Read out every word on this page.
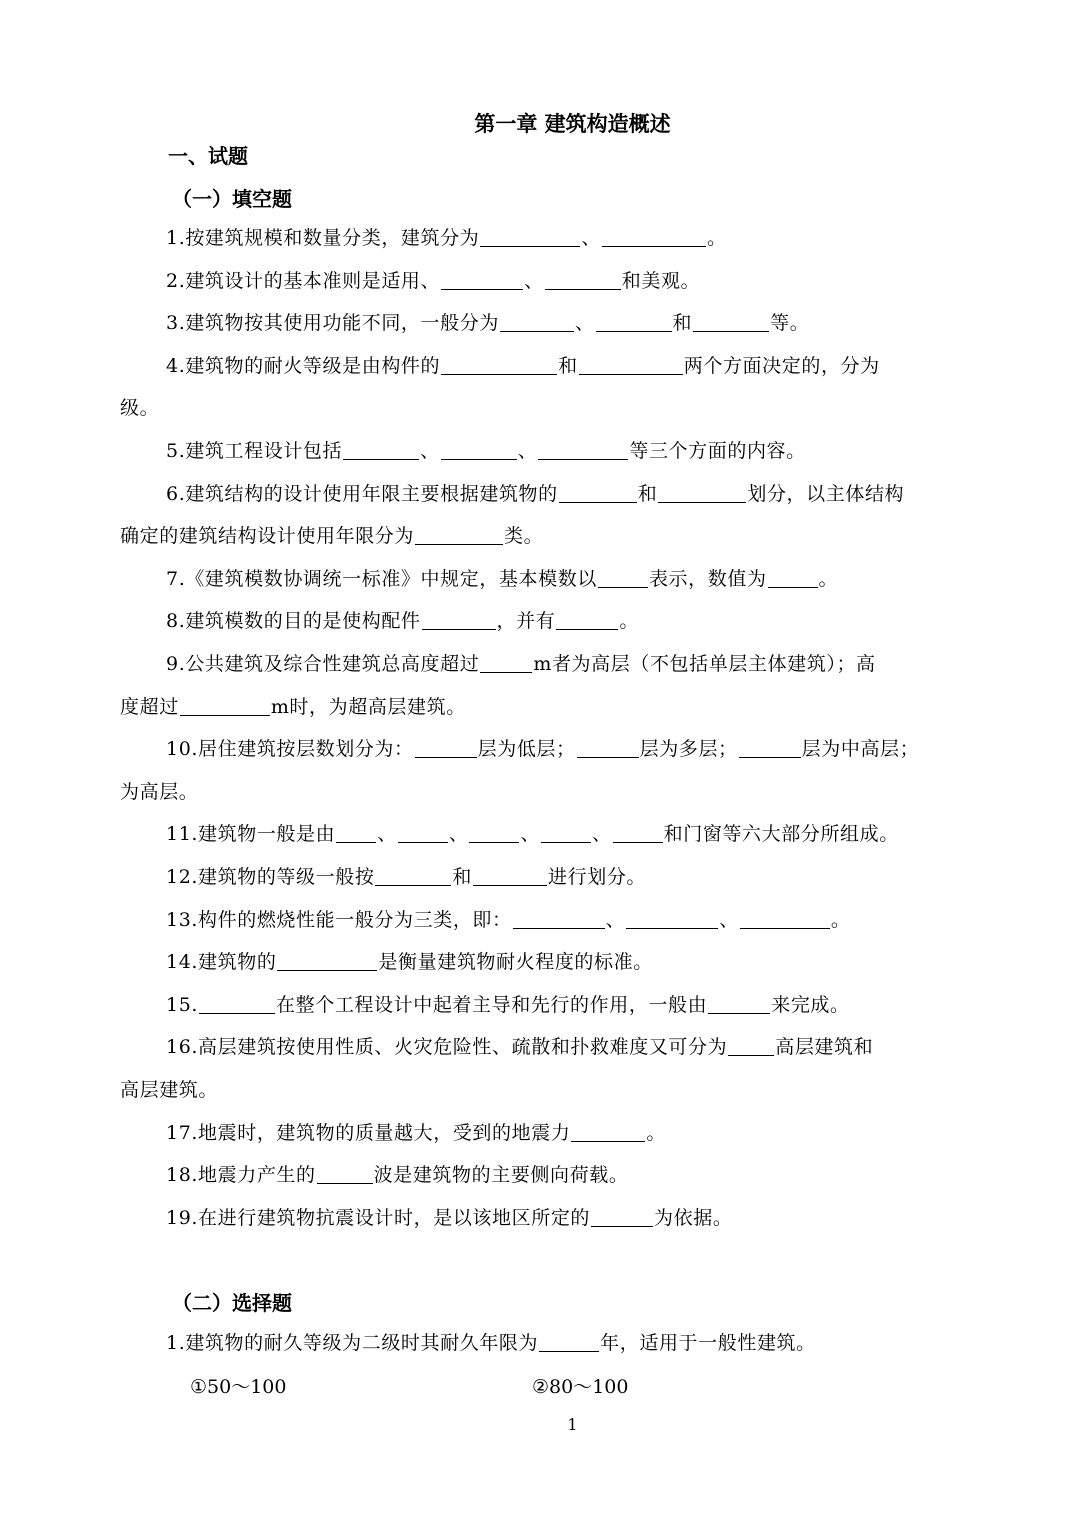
第一章 建筑构造概述
一、试题
（一）填空题
1.按建筑规模和数量分类，建筑分为	、	。
2.建筑设计的基本准则是适用、	、	和美观。
3.建筑物按其使用功能不同，一般分为	、	和	等。
4.建筑物的耐火等级是由构件的	和	两个方面决定的，分为
级。
5.建筑工程设计包括	、	、	等三个方面的内容。
6.建筑结构的设计使用年限主要根据建筑物的	和	划分，以主体结构
确定的建筑结构设计使用年限分为	类。
7.《建筑模数协调统一标准》中规定，基本模数以	表示，数值为	。
8.建筑模数的目的是使构配件	，并有	。
9.公共建筑及综合性建筑总高度超过	m者为高层（不包括单层主体建筑）；高
度超过	m时，为超高层建筑。
10.居住建筑按层数划分为：	层为低层；	层为多层；	层为中高层；
为高层。
11.建筑物一般是由 、	、	、	、	和门窗等六大部分所组成。
12.建筑物的等级一般按	和	进行划分。
13.构件的燃烧性能一般分为三类，即：	、	、	。
14.建筑物的	是衡量建筑物耐火程度的标准。
15.	在整个工程设计中起着主导和先行的作用，一般由	来完成。
16.高层建筑按使用性质、火灾危险性、疏散和扑救难度又可分为	高层建筑和
高层建筑。
17.地震时，建筑物的质量越大，受到的地震力	。
18.地震力产生的	波是建筑物的主要侧向荷载。
19.在进行建筑物抗震设计时，是以该地区所定的	为依据。
（二）选择题
1.建筑物的耐久等级为二级时其耐久年限为	年，适用于一般性建筑。
①50～100	②80～100
1
